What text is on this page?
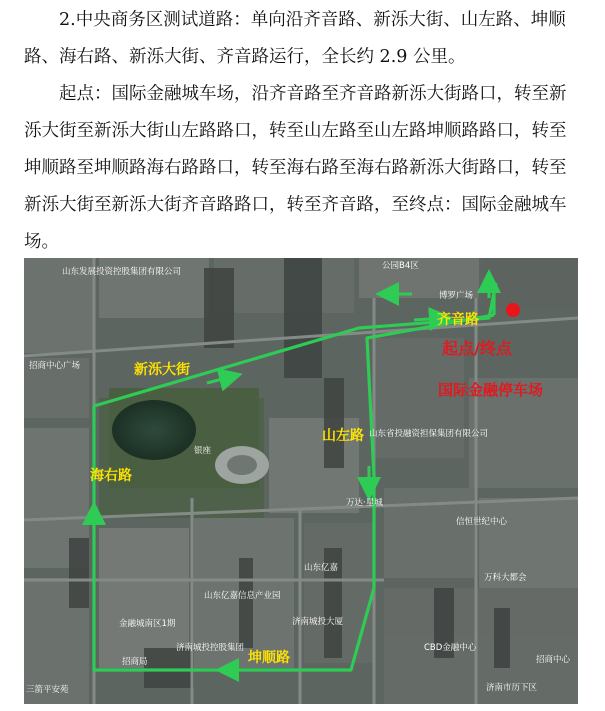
2.中央商务区测试道路：单向沿齐音路、新泺大街、山左路、坤顺路、海右路、新泺大街、齐音路运行，全长约 2.9 公里。

起点：国际金融城车场，沿齐音路至齐音路新泺大街路口，转至新泺大街至新泺大街山左路路口，转至山左路至山左路坤顺路路口，转至坤顺路至坤顺路海右路路口，转至海右路至海右路新泺大街路口，转至新泺大街至新泺大街齐音路路口，转至齐音路，至终点：国际金融城车场。

山东发展投资控股集团有限公司
公园B4区
招商中心广场
博罗广场
山东省投融资担保集团有限公司
万达·星城
山东亿嘉
山东亿嘉信息产业园
济南城投大厦
济南城投控股集团
金融城南区1期
CBD金融中心
万科大都会
信恒世纪中心
济南市历下区
三箭平安苑
招商中心
银座
招商局
齐音路
新泺大街
山左路
海右路
坤顺路
起点/终点
国际金融停车场
